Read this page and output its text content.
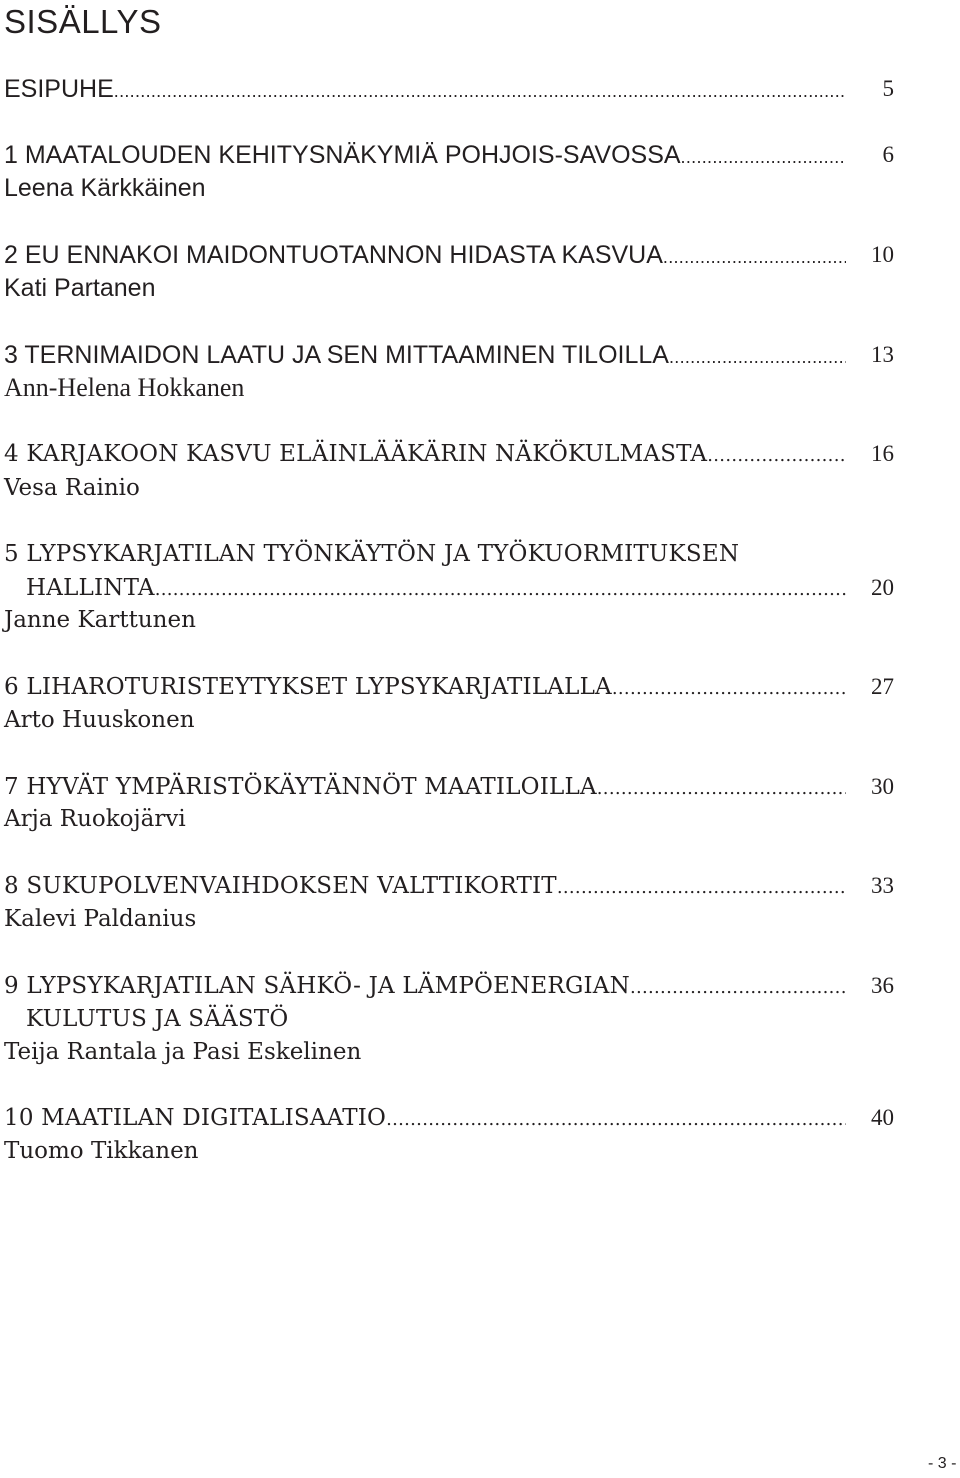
SISÄLLYS
ESIPUHE .....	5
1 MAATALOUDEN KEHITYSNÄKYMIÄ POHJOIS-SAVOSSA .....	6
Leena Kärkkäinen
2 EU ENNAKOI MAIDONTUOTANNON HIDASTA KASVUA .....	10
Kati Partanen
3 TERNIMAIDON LAATU JA SEN MITTAAMINEN TILOILLA .....	13
Ann-Helena Hokkanen
4 KARJAKOON KASVU ELÄINLÄÄKÄRIN NÄKÖKULMASTA .....	16
Vesa Rainio
5 LYPSYKARJATILAN TYÖNKÄYTÖN JA TYÖKUORMITUKSEN
HALLINTA .....	20
Janne Karttunen
6 LIHAROTURISTEYTYKSET LYPSYKARJATILALLA .....	27
Arto Huuskonen
7 HYVÄT YMPÄRISTÖKÄYTÄNNÖT MAATILOILLA .....	30
Arja Ruokojärvi
8 SUKUPOLVENVAIHDOKSEN VALTTIKORTIT .....	33
Kalevi Paldanius
9 LYPSYKARJATILAN SÄHKÖ- JA LÄMPÖENERGIAN .....	36
KULUTUS JA SÄÄSTÖ
Teija Rantala ja Pasi Eskelinen
10 MAATILAN DIGITALISAATIO .....	40
Tuomo Tikkanen
- 3 -
